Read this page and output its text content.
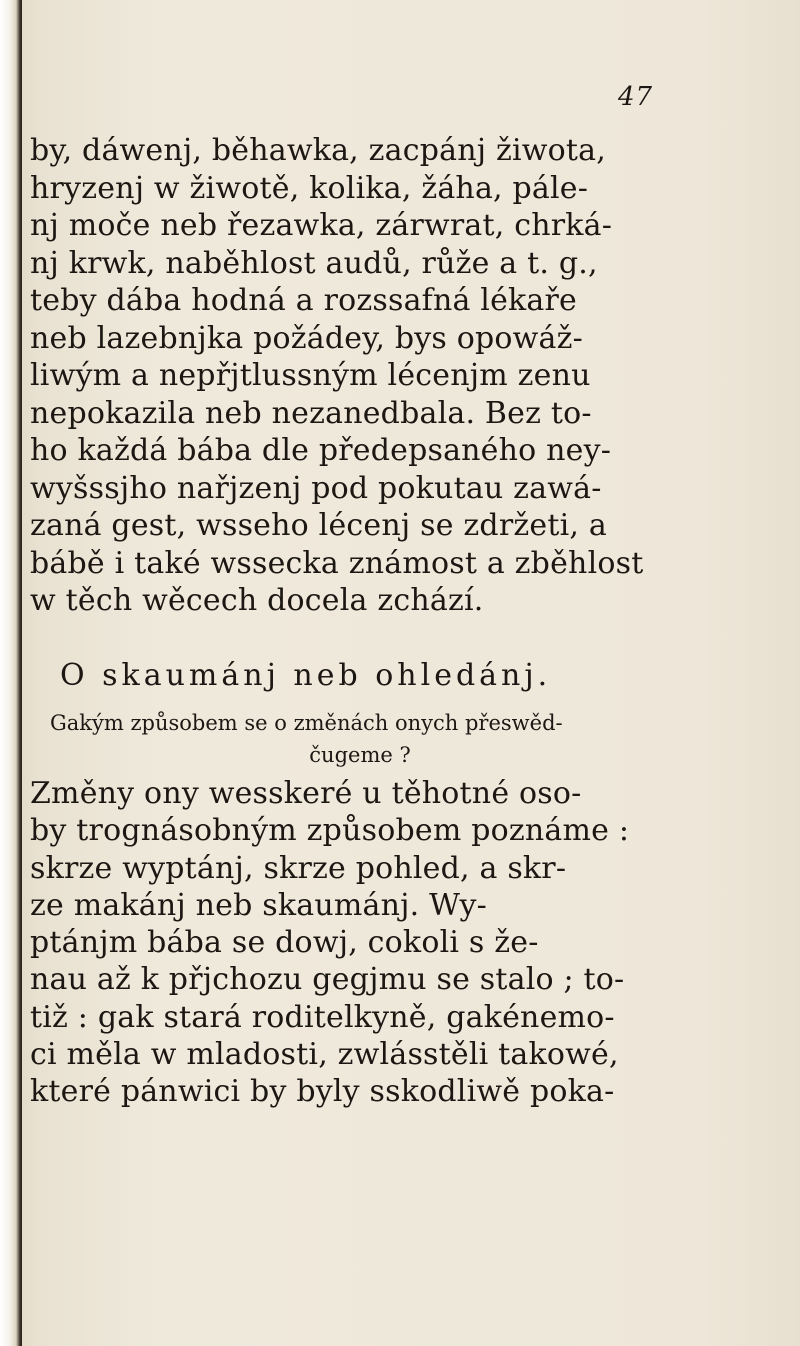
47
by, dáwenj, běhawka, zacpánj žiwota,
hryzenj w žiwotě, kolika, žáha, pále-
nj moče neb řezawka, zárwrat, chrká-
nj krwk, naběhlost audů, růže a t. g.,
teby dába hodná a rozssafná lékaře
neb lazebnjka požádey, bys opowáž-
liwým a nepřjtlussným lécenjm zenu
nepokazila neb nezanedbala. Bez to-
ho každá bába dle předepsaného ney-
wyšssjho nařjzenj pod pokutau zawá-
zaná gest, wsseho lécenj se zdržeti, a
bábě i také wssecka známost a zběhlost
w těch wěcech docela zchází.
O skaumánj neb ohledánj.
Gakým způsobem se o změnách onych přeswěd-
čugeme ?
Změny ony wesskeré u těhotné oso-
by trognásobným způsobem poznáme :
skrze wyptánj, skrze pohled, a skr-
ze makánj neb skaumánj. Wy-
ptánjm bába se dowj, cokoli s že-
nau až k přjchozu gegjmu se stalo ; to-
tiž : gak stará roditelkyně, gakénemo-
ci měla w mladosti, zwlásstěli takowé,
které pánwici by byly sskodliwě poka-
